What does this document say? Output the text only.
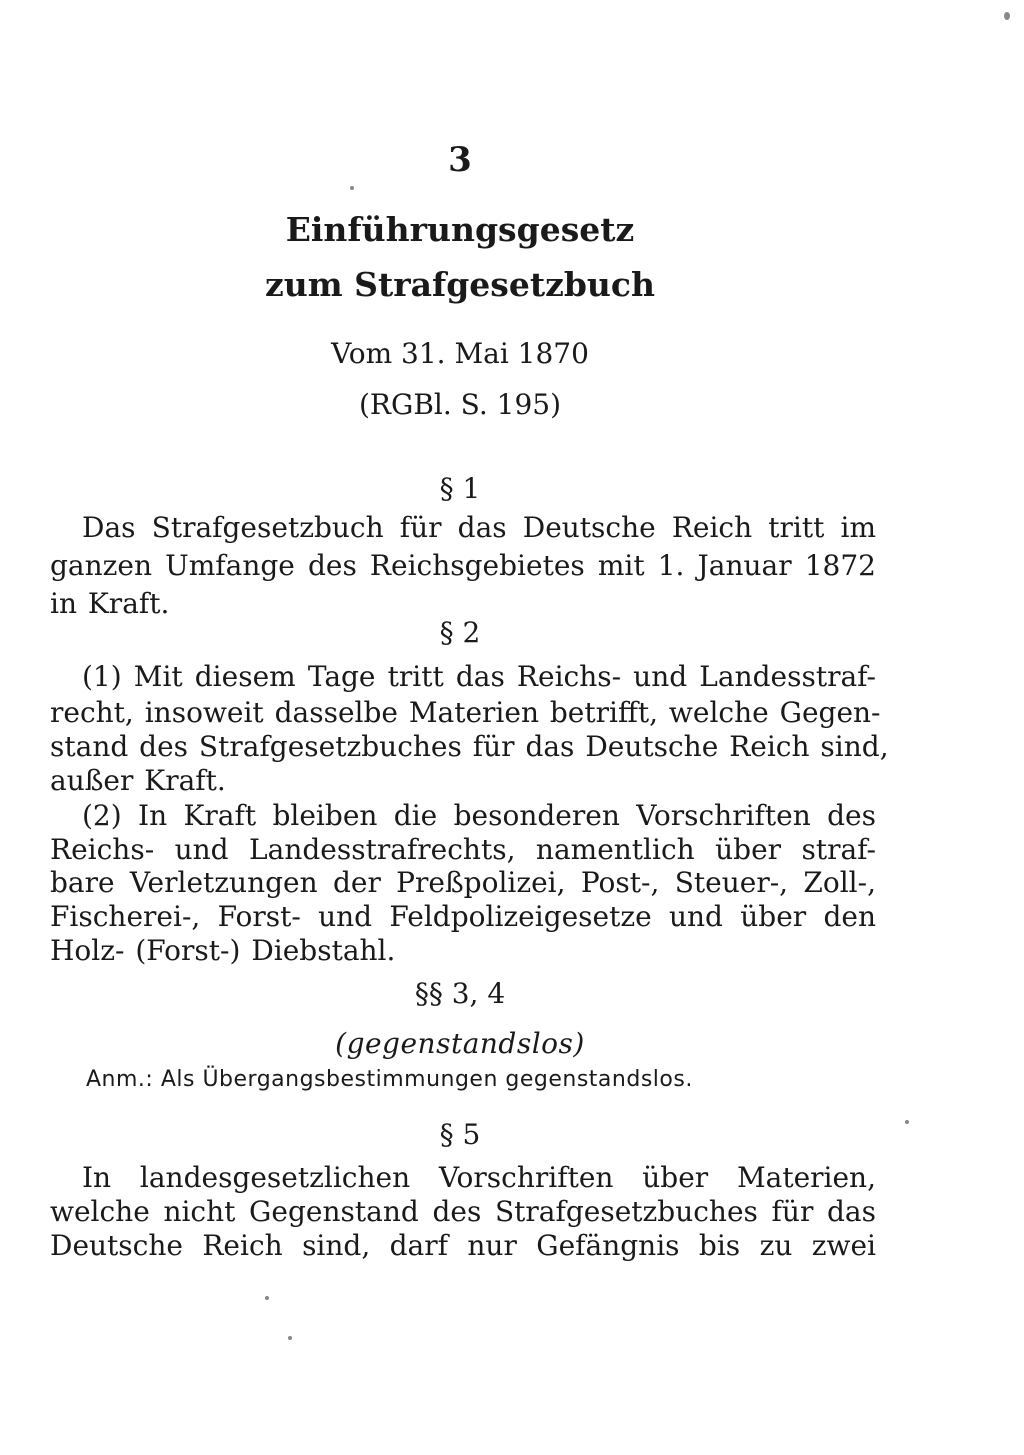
3
Einführungsgesetz
zum Strafgesetzbuch
Vom 31. Mai 1870
(RGBl. S. 195)
§ 1
Das Strafgesetzbuch für das Deutsche Reich tritt im
ganzen Umfange des Reichsgebietes mit 1. Januar 1872
in Kraft.
§ 2
(1) Mit diesem Tage tritt das Reichs- und Landesstraf-
recht, insoweit dasselbe Materien betrifft, welche Gegen-
stand des Strafgesetzbuches für das Deutsche Reich sind,
außer Kraft.
(2) In Kraft bleiben die besonderen Vorschriften des
Reichs- und Landesstrafrechts, namentlich über straf-
bare Verletzungen der Preßpolizei, Post-, Steuer-, Zoll-,
Fischerei-, Forst- und Feldpolizeigesetze und über den
Holz- (Forst-) Diebstahl.
§§ 3, 4
(gegenstandslos)
Anm.: Als Übergangsbestimmungen gegenstandslos.
§ 5
In landesgesetzlichen Vorschriften über Materien,
welche nicht Gegenstand des Strafgesetzbuches für das
Deutsche Reich sind, darf nur Gefängnis bis zu zwei
